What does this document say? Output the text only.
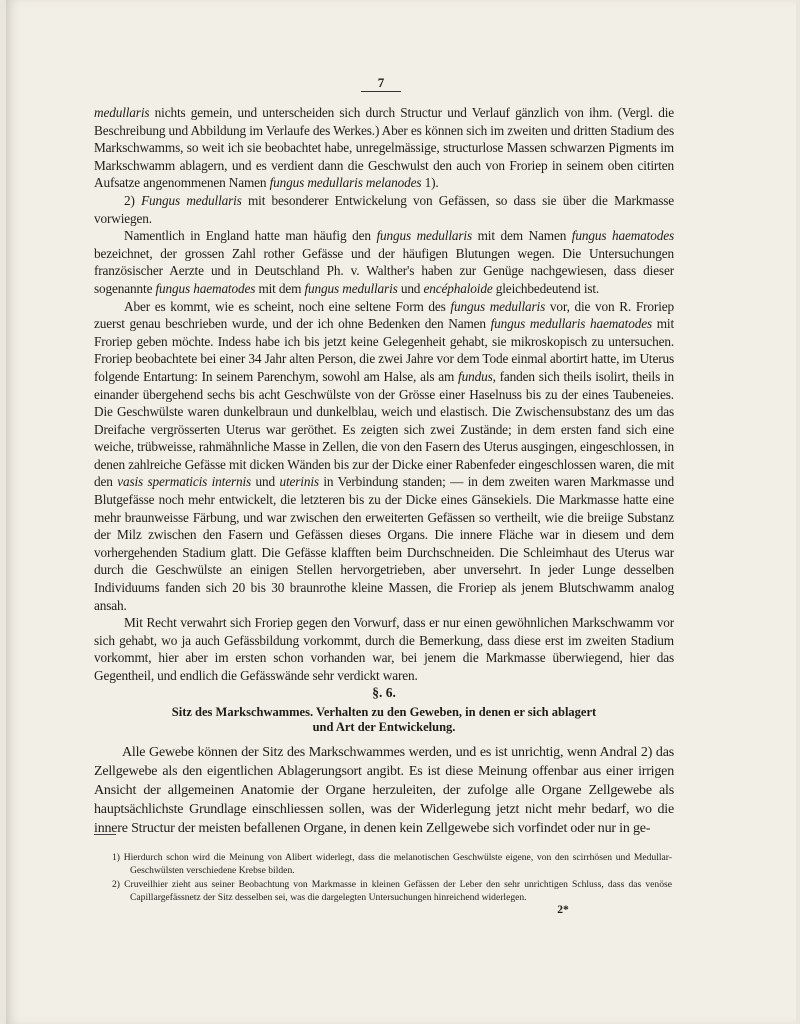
7

medullaris nichts gemein, und unterscheiden sich durch Structur und Verlauf gänzlich von ihm. (Vergl. die Beschreibung und Abbildung im Verlaufe des Werkes.) Aber es können sich im zweiten und dritten Stadium des Markschwamms, so weit ich sie beobachtet habe, unregelmässige, structurlose Massen schwarzen Pigments im Markschwamm ablagern, und es verdient dann die Geschwulst den auch von Froriep in seinem oben citirten Aufsatze angenommenen Namen fungus medullaris melanodes 1).

2) Fungus medullaris mit besonderer Entwickelung von Gefässen, so dass sie über die Markmasse vorwiegen.

Namentlich in England hatte man häufig den fungus medullaris mit dem Namen fungus haematodes bezeichnet, der grossen Zahl rother Gefässe und der häufigen Blutungen wegen. Die Untersuchungen französischer Aerzte und in Deutschland Ph. v. Walther's haben zur Genüge nachgewiesen, dass dieser sogenannte fungus haematodes mit dem fungus medullaris und encéphaloide gleichbedeutend ist.

Aber es kommt, wie es scheint, noch eine seltene Form des fungus medullaris vor, die von R. Froriep zuerst genau beschrieben wurde, und der ich ohne Bedenken den Namen fungus medullaris haematodes mit Froriep geben möchte. Indess habe ich bis jetzt keine Gelegenheit gehabt, sie mikroskopisch zu untersuchen. Froriep beobachtete bei einer 34 Jahr alten Person, die zwei Jahre vor dem Tode einmal abortirt hatte, im Uterus folgende Entartung: In seinem Parenchym, sowohl am Halse, als am fundus, fanden sich theils isolirt, theils in einander übergehend sechs bis acht Geschwülste von der Grösse einer Haselnuss bis zu der eines Taubeneies. Die Geschwülste waren dunkelbraun und dunkelblau, weich und elastisch. Die Zwischensubstanz des um das Dreifache vergrösserten Uterus war geröthet. Es zeigten sich zwei Zustände; in dem ersten fand sich eine weiche, trübweisse, rahmähnliche Masse in Zellen, die von den Fasern des Uterus ausgingen, eingeschlossen, in denen zahlreiche Gefässe mit dicken Wänden bis zur der Dicke einer Rabenfeder eingeschlossen waren, die mit den vasis spermaticis internis und uterinis in Verbindung standen; — in dem zweiten waren Markmasse und Blutgefässe noch mehr entwickelt, die letzteren bis zu der Dicke eines Gänsekiels. Die Markmasse hatte eine mehr braunweisse Färbung, und war zwischen den erweiterten Gefässen so vertheilt, wie die breiige Substanz der Milz zwischen den Fasern und Gefässen dieses Organs. Die innere Fläche war in diesem und dem vorhergehenden Stadium glatt. Die Gefässe klafften beim Durchschneiden. Die Schleimhaut des Uterus war durch die Geschwülste an einigen Stellen hervorgetrieben, aber unversehrt. In jeder Lunge desselben Individuums fanden sich 20 bis 30 braunrothe kleine Massen, die Froriep als jenem Blutschwamm analog ansah.

Mit Recht verwahrt sich Froriep gegen den Vorwurf, dass er nur einen gewöhnlichen Markschwamm vor sich gehabt, wo ja auch Gefässbildung vorkommt, durch die Bemerkung, dass diese erst im zweiten Stadium vorkommt, hier aber im ersten schon vorhanden war, bei jenem die Markmasse überwiegend, hier das Gegentheil, und endlich die Gefässwände sehr verdickt waren.

§. 6.
Sitz des Markschwammes. Verhalten zu den Geweben, in denen er sich ablagert
und Art der Entwickelung.

Alle Gewebe können der Sitz des Markschwammes werden, und es ist unrichtig, wenn Andral 2) das Zellgewebe als den eigentlichen Ablagerungsort angibt. Es ist diese Meinung offenbar aus einer irrigen Ansicht der allgemeinen Anatomie der Organe herzuleiten, der zufolge alle Organe Zellgewebe als hauptsächlichste Grundlage einschliessen sollen, was der Widerlegung jetzt nicht mehr bedarf, wo die innere Structur der meisten befallenen Organe, in denen kein Zellgewebe sich vorfindet oder nur in ge-

1) Hierdurch schon wird die Meinung von Alibert widerlegt, dass die melanotischen Geschwülste eigene, von den scirrhösen und Medullar-Geschwülsten verschiedene Krebse bilden.

2) Cruveilhier zieht aus seiner Beobachtung von Markmasse in kleinen Gefässen der Leber den sehr unrichtigen Schluss, dass das venöse Capillargefässnetz der Sitz desselben sei, was die dargelegten Untersuchungen hinreichend widerlegen.

2*
